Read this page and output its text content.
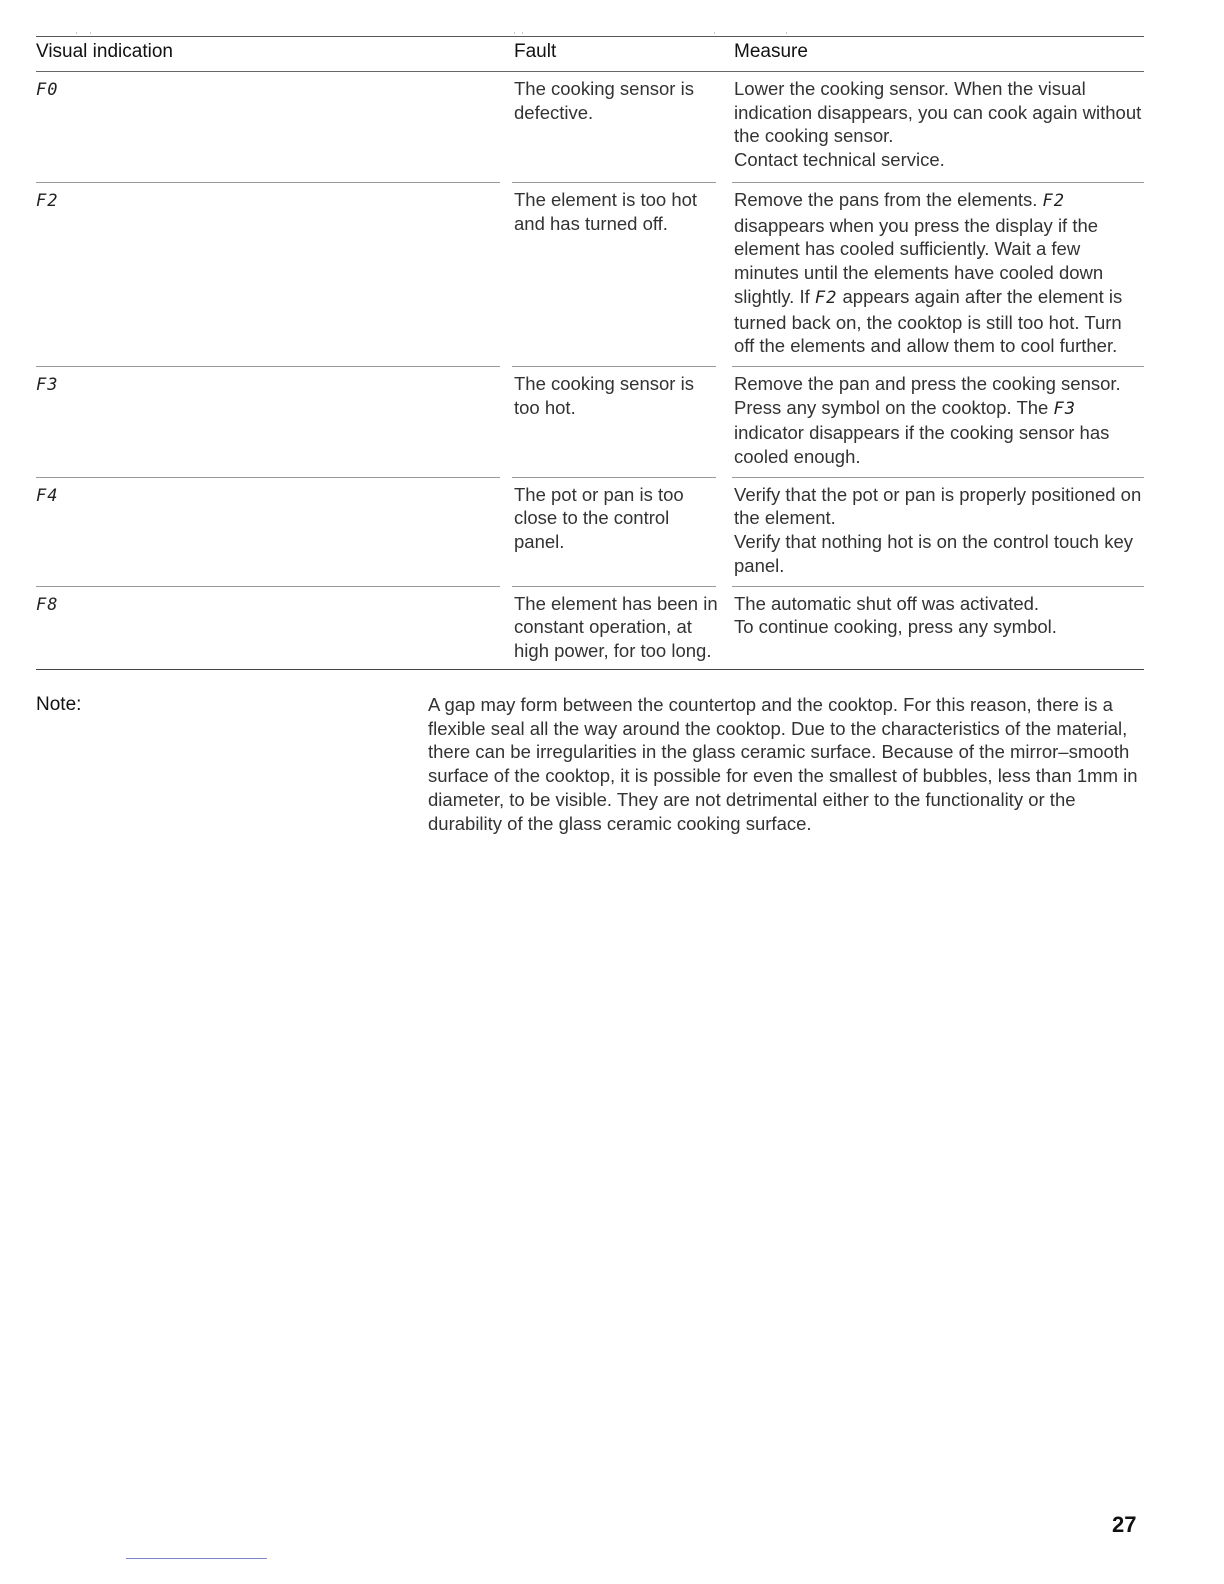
Visual indication	Fault	Measure
F0	The cooking sensor is defective.	Lower the cooking sensor. When the visual indication disappears, you can cook again without the cooking sensor.
Contact technical service.

F2	The element is too hot and has turned off.	Remove the pans from the elements. F2 disappears when you press the display if the element has cooled sufficiently. Wait a few minutes until the elements have cooled down slightly. If F2 appears again after the element is turned back on, the cooktop is still too hot. Turn off the elements and allow them to cool further.
F3	The cooking sensor is too hot.	Remove the pan and press the cooking sensor. Press any symbol on the cooktop. The F3 indicator disappears if the cooking sensor has cooled enough.
F4	The pot or pan is too close to the control panel.	Verify that the pot or pan is properly positioned on the element.
Verify that nothing hot is on the control touch key panel.

F8	The element has been in constant operation, at high power, for too long.	The automatic shut off was activated.
To continue cooking, press any symbol.
Note:	A gap may form between the countertop and the cooktop. For this reason, there is a flexible seal all the way around the cooktop. Due to the characteristics of the material, there can be irregularities in the glass ceramic surface. Because of the mirror–smooth surface of the cooktop, it is possible for even the smallest of bubbles, less than 1mm in diameter, to be visible. They are not detrimental either to the functionality or the durability of the glass ceramic cooking surface.
27
